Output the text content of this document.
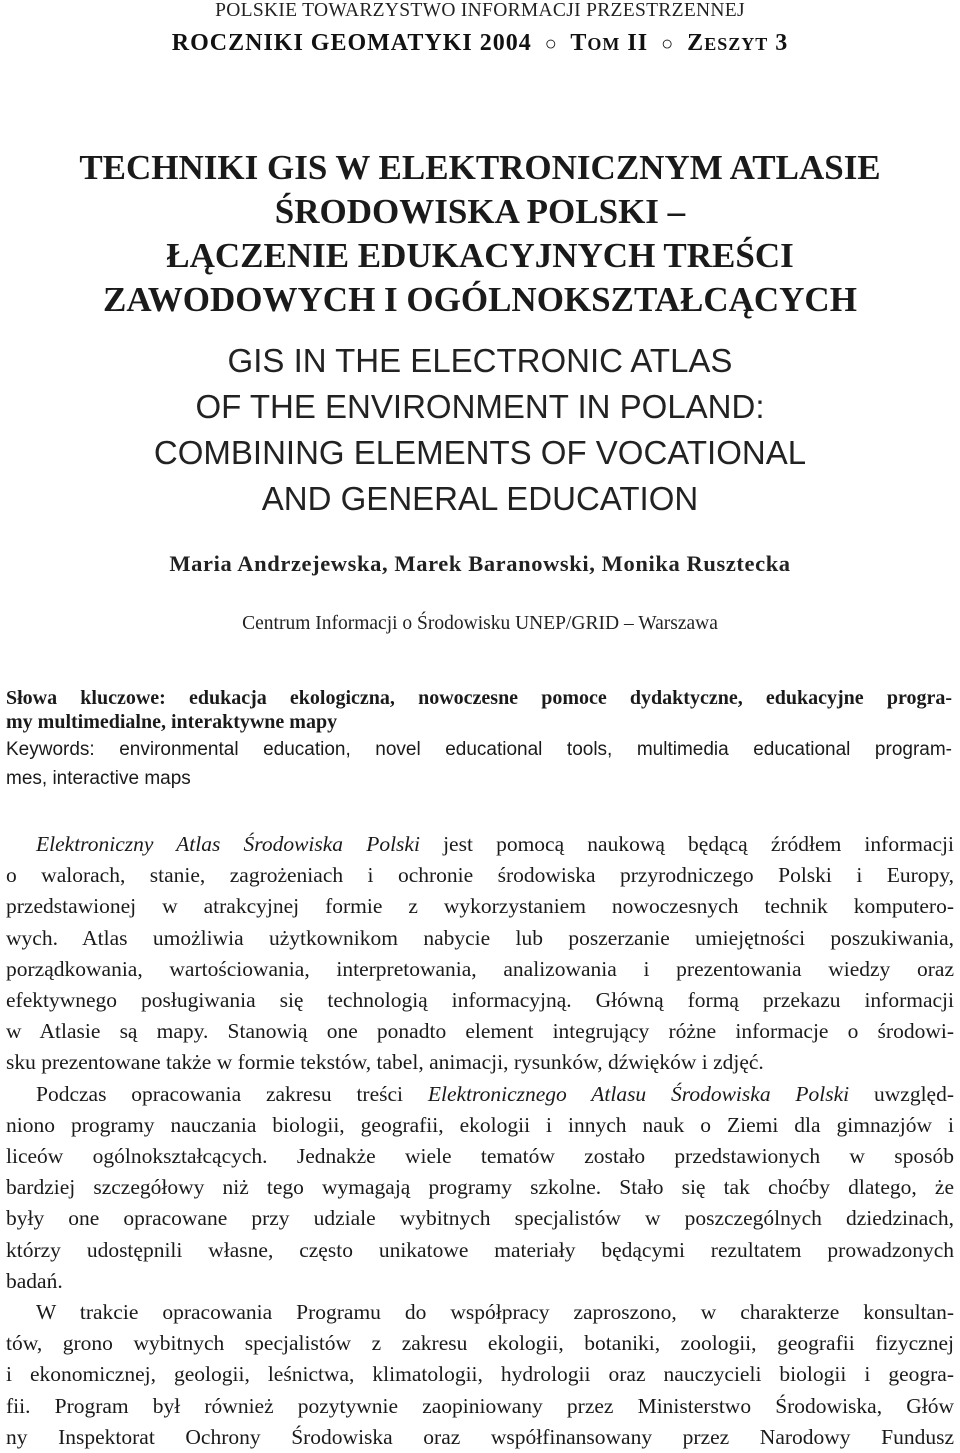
POLSKIE TOWARZYSTWO INFORMACJI PRZESTRZENNEJ
ROCZNIKI GEOMATYKI 2004 ○ TOM II ○ ZESZYT 3
TECHNIKI GIS W ELEKTRONICZNYM ATLASIE
ŚRODOWISKA POLSKI –
ŁĄCZENIE EDUKACYJNYCH TREŚCI
ZAWODOWYCH I OGÓLNOKSZTAŁCĄCYCH
GIS IN THE ELECTRONIC ATLAS
OF THE ENVIRONMENT IN POLAND:
COMBINING ELEMENTS OF VOCATIONAL
AND GENERAL EDUCATION
Maria Andrzejewska, Marek Baranowski, Monika Rusztecka
Centrum Informacji o Środowisku UNEP/GRID – Warszawa
Słowa kluczowe: edukacja ekologiczna, nowoczesne pomoce dydaktyczne, edukacyjne progra-
my multimedialne, interaktywne mapy
Keywords: environmental education, novel educational tools, multimedia educational program-
mes, interactive maps
Elektroniczny Atlas Środowiska Polski jest pomocą naukową będącą źródłem informacji
o walorach, stanie, zagrożeniach i ochronie środowiska przyrodniczego Polski i Europy,
przedstawionej w atrakcyjnej formie z wykorzystaniem nowoczesnych technik komputero-
wych. Atlas umożliwia użytkownikom nabycie lub poszerzanie umiejętności poszukiwania,
porządkowania, wartościowania, interpretowania, analizowania i prezentowania wiedzy oraz
efektywnego posługiwania się technologią informacyjną. Główną formą przekazu informacji
w Atlasie są mapy. Stanowią one ponadto element integrujący różne informacje o środowi-
sku prezentowane także w formie tekstów, tabel, animacji, rysunków, dźwięków i zdjęć.
Podczas opracowania zakresu treści Elektronicznego Atlasu Środowiska Polski uwzględ-
niono programy nauczania biologii, geografii, ekologii i innych nauk o Ziemi dla gimnazjów i
liceów ogólnokształcących. Jednakże wiele tematów zostało przedstawionych w sposób
bardziej szczegółowy niż tego wymagają programy szkolne. Stało się tak choćby dlatego, że
były one opracowane przy udziale wybitnych specjalistów w poszczególnych dziedzinach,
którzy udostępnili własne, często unikatowe materiały będącymi rezultatem prowadzonych
badań.
W trakcie opracowania Programu do współpracy zaproszono, w charakterze konsultan-
tów, grono wybitnych specjalistów z zakresu ekologii, botaniki, zoologii, geografii fizycznej
i ekonomicznej, geologii, leśnictwa, klimatologii, hydrologii oraz nauczycieli biologii i geogra-
fii. Program był również pozytywnie zaopiniowany przez Ministerstwo Środowiska, Głów
ny Inspektorat Ochrony Środowiska oraz współfinansowany przez Narodowy Fundusz
